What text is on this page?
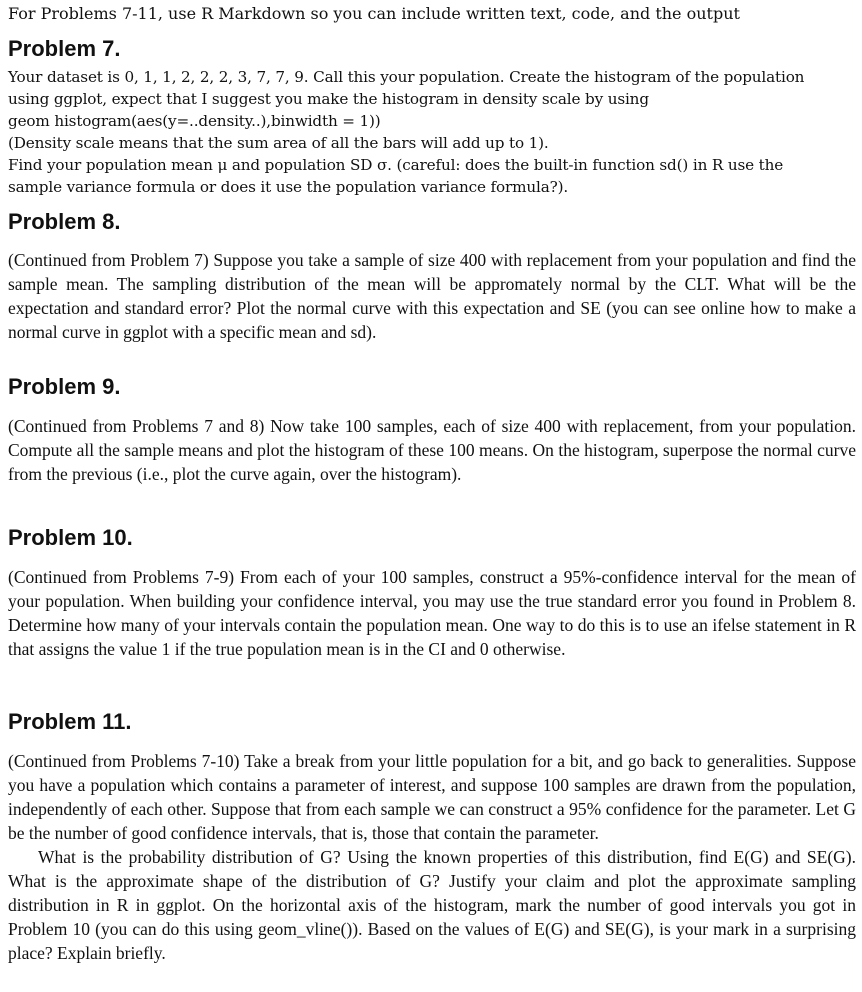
For Problems 7-11, use R Markdown so you can include written text, code, and the output
Problem 7.
Your dataset is 0, 1, 1, 2, 2, 2, 3, 7, 7, 9. Call this your population. Create the histogram of the population
using ggplot, expect that I suggest you make the histogram in density scale by using
geom histogram(aes(y=..density..),binwidth = 1))
(Density scale means that the sum area of all the bars will add up to 1).
Find your population mean μ and population SD σ. (careful: does the built-in function sd() in R use the
sample variance formula or does it use the population variance formula?).
Problem 8.
(Continued from Problem 7) Suppose you take a sample of size 400 with replacement from your population and find the sample mean. The sampling distribution of the mean will be appromately normal by the CLT. What will be the expectation and standard error? Plot the normal curve with this expectation and SE (you can see online how to make a normal curve in ggplot with a specific mean and sd).
Problem 9.
(Continued from Problems 7 and 8) Now take 100 samples, each of size 400 with replacement, from your population. Compute all the sample means and plot the histogram of these 100 means. On the histogram, superpose the normal curve from the previous (i.e., plot the curve again, over the histogram).
Problem 10.
(Continued from Problems 7-9) From each of your 100 samples, construct a 95%-confidence interval for the mean of your population. When building your confidence interval, you may use the true standard error you found in Problem 8. Determine how many of your intervals contain the population mean. One way to do this is to use an ifelse statement in R that assigns the value 1 if the true population mean is in the CI and 0 otherwise.
Problem 11.
(Continued from Problems 7-10) Take a break from your little population for a bit, and go back to generalities. Suppose you have a population which contains a parameter of interest, and suppose 100 samples are drawn from the population, independently of each other. Suppose that from each sample we can construct a 95% confidence for the parameter. Let G be the number of good confidence intervals, that is, those that contain the parameter.
What is the probability distribution of G? Using the known properties of this distribution, find E(G) and SE(G). What is the approximate shape of the distribution of G? Justify your claim and plot the approximate sampling distribution in R in ggplot. On the horizontal axis of the histogram, mark the number of good intervals you got in Problem 10 (you can do this using geom_vline()). Based on the values of E(G) and SE(G), is your mark in a surprising place? Explain briefly.
